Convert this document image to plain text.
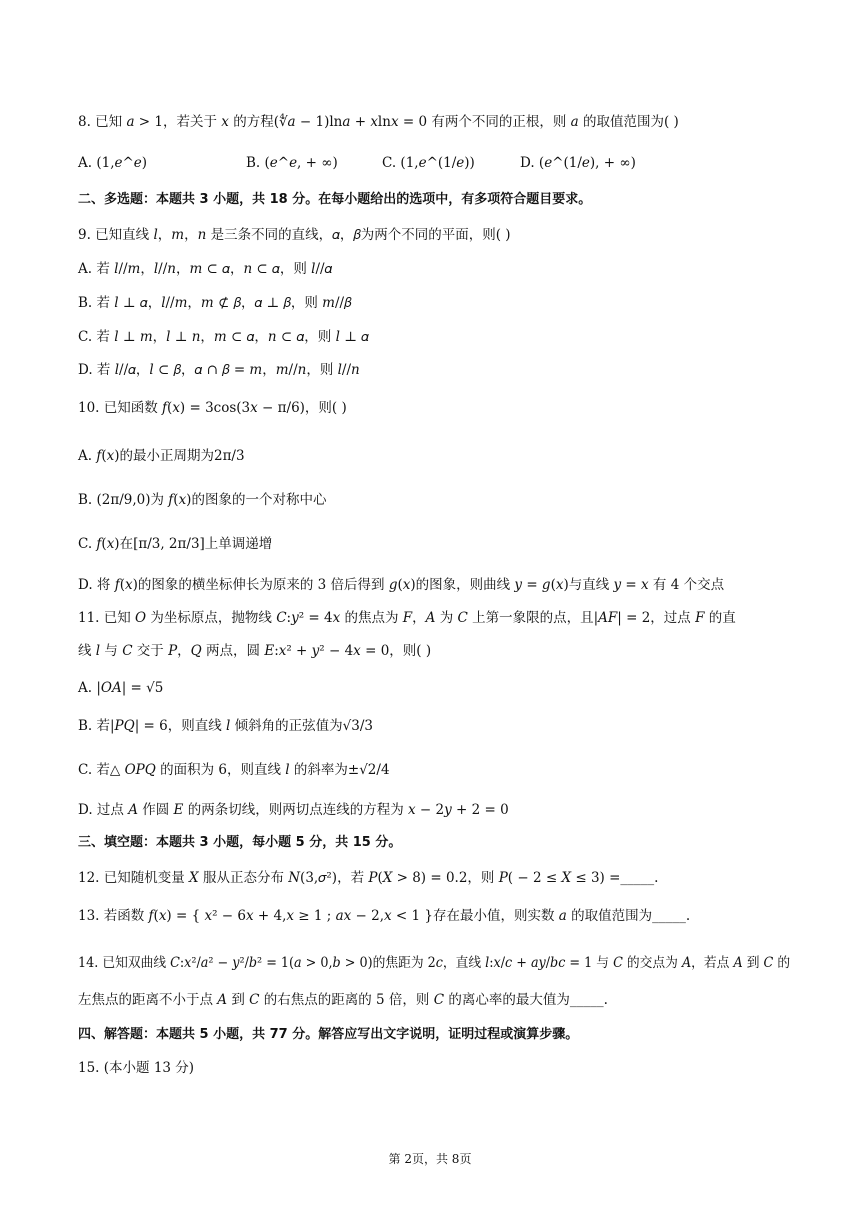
8. 已知 𝑎 > 1，若关于 𝑥 的方程(∜𝑎 − 1)ln𝑎 + 𝑥ln𝑥 = 0 有两个不同的正根，则 𝑎 的取值范围为( )
A. (1,𝑒^𝑒)	B. (𝑒^𝑒, + ∞)	C. (1,𝑒^(1/𝑒))	D. (𝑒^(1/𝑒), + ∞)
二、多选题：本题共 3 小题，共 18 分。在每小题给出的选项中，有多项符合题目要求。
9. 已知直线 𝑙，𝑚，𝑛 是三条不同的直线，𝛼，𝛽为两个不同的平面，则( )
A. 若 𝑙//𝑚，𝑙//𝑛，𝑚 ⊂ 𝛼，𝑛 ⊂ 𝛼，则 𝑙//𝛼
B. 若 𝑙 ⊥ 𝛼，𝑙//𝑚，𝑚 ⊄ 𝛽，𝛼 ⊥ 𝛽，则 𝑚//𝛽
C. 若 𝑙 ⊥ 𝑚，𝑙 ⊥ 𝑛，𝑚 ⊂ 𝛼，𝑛 ⊂ 𝛼，则 𝑙 ⊥ 𝛼
D. 若 𝑙//𝛼，𝑙 ⊂ 𝛽，𝛼 ∩ 𝛽 = 𝑚，𝑚//𝑛，则 𝑙//𝑛
10. 已知函数 𝑓(𝑥) = 3cos(3𝑥 − π/6)，则( )
A. 𝑓(𝑥)的最小正周期为2π/3
B. (2π/9,0)为 𝑓(𝑥)的图象的一个对称中心
C. 𝑓(𝑥)在[π/3, 2π/3]上单调递增
D. 将 𝑓(𝑥)的图象的横坐标伸长为原来的 3 倍后得到 𝑔(𝑥)的图象，则曲线 𝑦 = 𝑔(𝑥)与直线 𝑦 = 𝑥 有 4 个交点
11. 已知 𝑂 为坐标原点，抛物线 𝐶:𝑦² = 4𝑥 的焦点为 𝐹，𝐴 为 𝐶 上第一象限的点，且|𝐴𝐹| = 2，过点 𝐹 的直
线 𝑙 与 𝐶 交于 𝑃，𝑄 两点，圆 𝐸:𝑥² + 𝑦² − 4𝑥 = 0，则( )
A. |𝑂𝐴| = √5
B. 若|𝑃𝑄| = 6，则直线 𝑙 倾斜角的正弦值为√3/3
C. 若△ 𝑂𝑃𝑄 的面积为 6，则直线 𝑙 的斜率为±√2/4
D. 过点 𝐴 作圆 𝐸 的两条切线，则两切点连线的方程为 𝑥 − 2𝑦 + 2 = 0
三、填空题：本题共 3 小题，每小题 5 分，共 15 分。
12. 已知随机变量 𝑋 服从正态分布 𝑁(3,𝜎²)，若 𝑃(𝑋 > 8) = 0.2，则 𝑃( − 2 ≤ 𝑋 ≤ 3) =_____.
13. 若函数 𝑓(𝑥) = { 𝑥² − 6𝑥 + 4,𝑥 ≥ 1 ; 𝑎𝑥 − 2,𝑥 < 1 }存在最小值，则实数 𝑎 的取值范围为_____.
14. 已知双曲线 𝐶:𝑥²/𝑎² − 𝑦²/𝑏² = 1(𝑎 > 0,𝑏 > 0)的焦距为 2𝑐，直线 𝑙:𝑥/𝑐 + 𝑎𝑦/𝑏𝑐 = 1 与 𝐶 的交点为 𝐴，若点 𝐴 到 𝐶 的
左焦点的距离不小于点 𝐴 到 𝐶 的右焦点的距离的 5 倍，则 𝐶 的离心率的最大值为_____.
四、解答题：本题共 5 小题，共 77 分。解答应写出文字说明，证明过程或演算步骤。
15. (本小题 13 分)
第 2页，共 8页
